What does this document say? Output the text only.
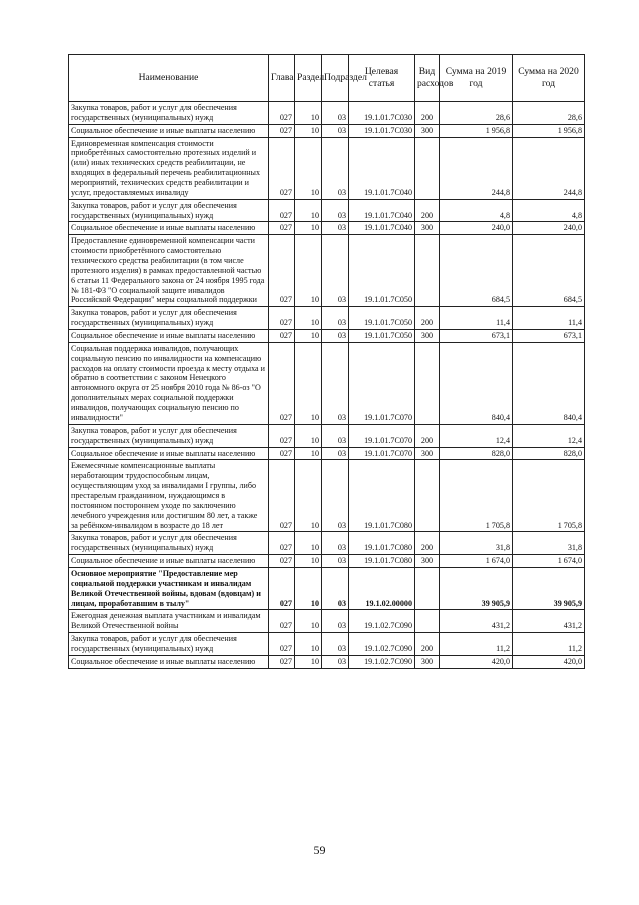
Наименование	Глава	Раздел	Подраздел	Целевая статья	Вид расходов	Сумма на 2019 год	Сумма на 2020 год
Закупка товаров, работ и услуг для обеспечения государственных (муниципальных) нужд	027	10	03	19.1.01.7С030	200	28,6	28,6
Социальное обеспечение и иные выплаты населению	027	10	03	19.1.01.7С030	300	1 956,8	1 956,8
Единовременная компенсация стоимости приобретённых самостоятельно протезных изделий и (или) иных технических средств реабилитации, не входящих в федеральный перечень реабилитационных мероприятий, технических средств реабилитации и услуг, предоставляемых инвалиду	027	10	03	19.1.01.7С040		244,8	244,8
Закупка товаров, работ и услуг для обеспечения государственных (муниципальных) нужд	027	10	03	19.1.01.7С040	200	4,8	4,8
Социальное обеспечение и иные выплаты населению	027	10	03	19.1.01.7С040	300	240,0	240,0
Предоставление единовременной компенсации части стоимости приобретённого самостоятельно технического средства реабилитации (в том числе протезного изделия) в рамках предоставленной частью 6 статьи 11 Федерального закона от 24 ноября 1995 года № 181-ФЗ "О социальной защите инвалидов Российской Федерации" меры социальной поддержки	027	10	03	19.1.01.7С050		684,5	684,5
Закупка товаров, работ и услуг для обеспечения государственных (муниципальных) нужд	027	10	03	19.1.01.7С050	200	11,4	11,4
Социальное обеспечение и иные выплаты населению	027	10	03	19.1.01.7С050	300	673,1	673,1
Социальная поддержка инвалидов, получающих социальную пенсию по инвалидности на компенсацию расходов на оплату стоимости проезда к месту отдыха и обратно в соответствии с законом Ненецкого автономного округа от 25 ноября 2010 года № 86-оз "О дополнительных мерах социальной поддержки инвалидов, получающих социальную пенсию по инвалидности"	027	10	03	19.1.01.7С070		840,4	840,4
Закупка товаров, работ и услуг для обеспечения государственных (муниципальных) нужд	027	10	03	19.1.01.7С070	200	12,4	12,4
Социальное обеспечение и иные выплаты населению	027	10	03	19.1.01.7С070	300	828,0	828,0
Ежемесячные компенсационные выплаты неработающим трудоспособным лицам, осуществляющим уход за инвалидами I группы, либо престарелым гражданином, нуждающимся в постоянном постороннем уходе по заключению лечебного учреждения или достигшим 80 лет, а также за ребёнком-инвалидом в возрасте до 18 лет	027	10	03	19.1.01.7С080		1 705,8	1 705,8
Закупка товаров, работ и услуг для обеспечения государственных (муниципальных) нужд	027	10	03	19.1.01.7С080	200	31,8	31,8
Социальное обеспечение и иные выплаты населению	027	10	03	19.1.01.7С080	300	1 674,0	1 674,0
Основное мероприятие "Предоставление мер социальной поддержки участникам и инвалидам Великой Отечественной войны, вдовам (вдовцам) и лицам, проработавшим в тылу"	027	10	03	19.1.02.00000		39 905,9	39 905,9
Ежегодная денежная выплата участникам и инвалидам Великой Отечественной войны	027	10	03	19.1.02.7С090		431,2	431,2
Закупка товаров, работ и услуг для обеспечения государственных (муниципальных) нужд	027	10	03	19.1.02.7С090	200	11,2	11,2
Социальное обеспечение и иные выплаты населению	027	10	03	19.1.02.7С090	300	420,0	420,0
59
